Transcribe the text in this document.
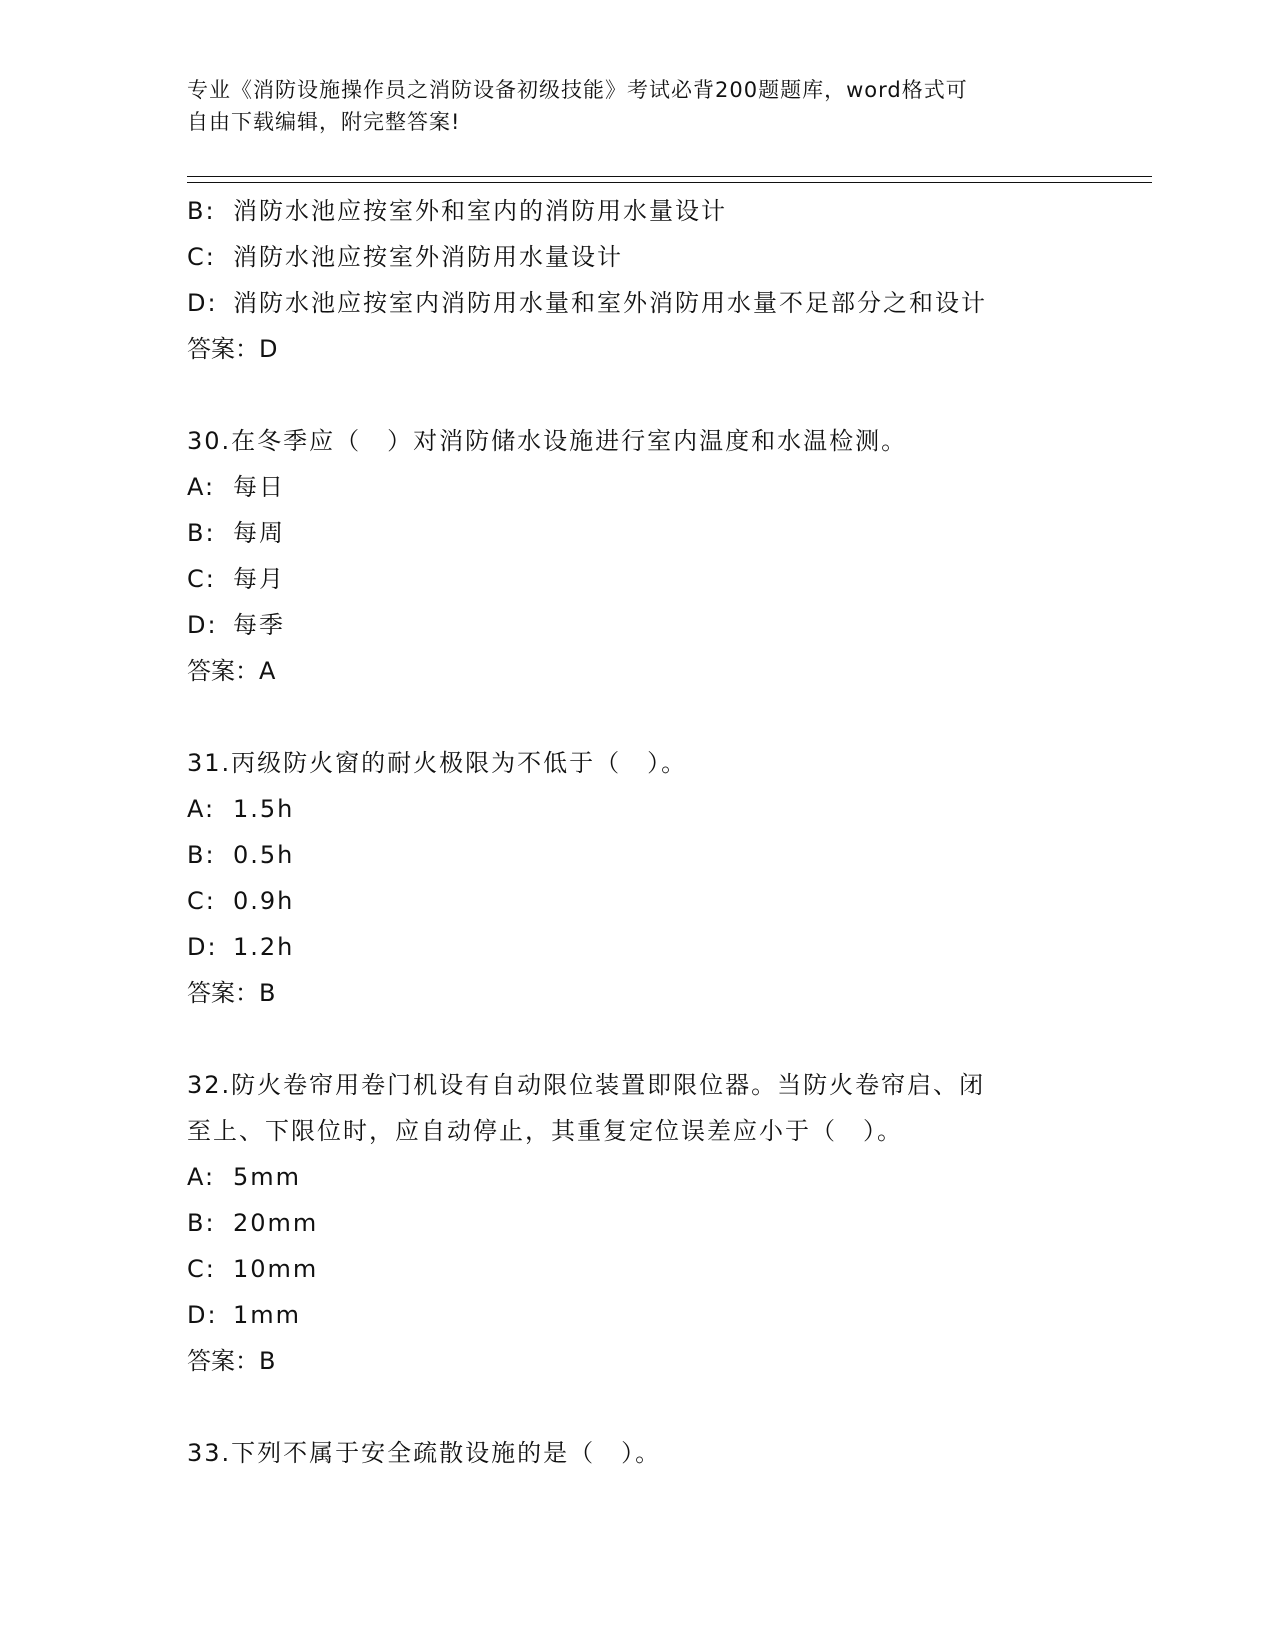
专业《消防设施操作员之消防设备初级技能》考试必背200题题库，word格式可
自由下载编辑，附完整答案!
B: 消防水池应按室外和室内的消防用水量设计
C: 消防水池应按室外消防用水量设计
D: 消防水池应按室内消防用水量和室外消防用水量不足部分之和设计
答案：D
30.在冬季应（　）对消防储水设施进行室内温度和水温检测。
A: 每日
B: 每周
C: 每月
D: 每季
答案：A
31.丙级防火窗的耐火极限为不低于（　）。
A: 1.5h
B: 0.5h
C: 0.9h
D: 1.2h
答案：B
32.防火卷帘用卷门机设有自动限位装置即限位器。当防火卷帘启、闭
至上、下限位时，应自动停止，其重复定位误差应小于（　）。
A: 5mm
B: 20mm
C: 10mm
D: 1mm
答案：B
33.下列不属于安全疏散设施的是（　）。
